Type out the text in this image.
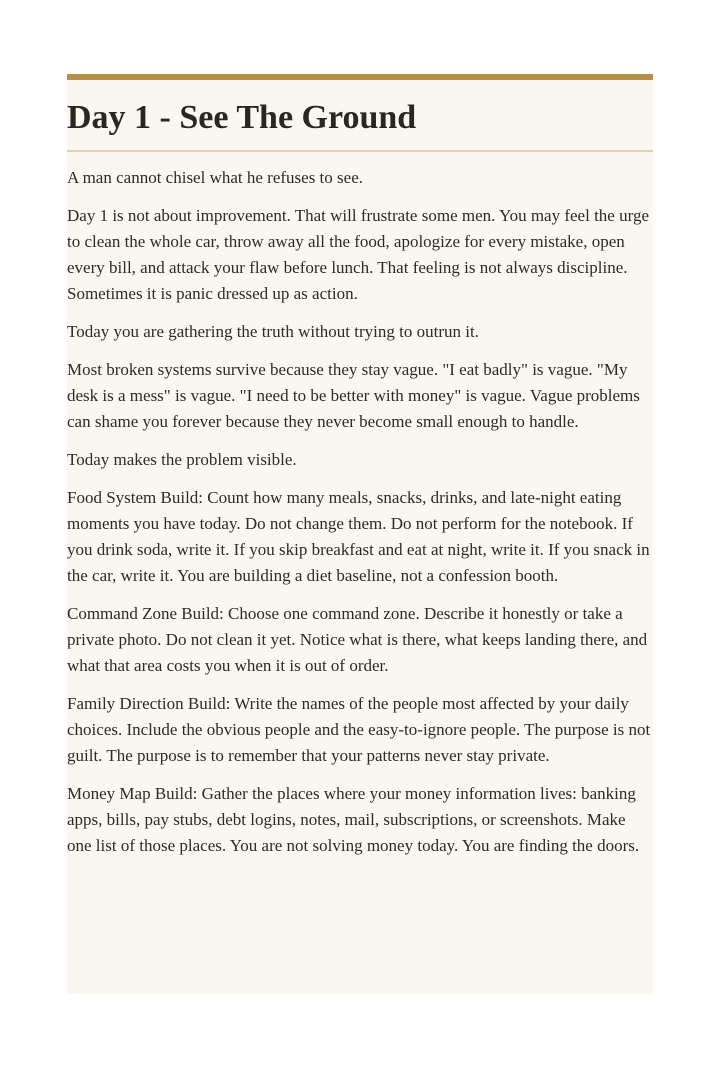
Day 1 - See The Ground

A man cannot chisel what he refuses to see.

Day 1 is not about improvement. That will frustrate some men. You may feel the urge to clean the whole car, throw away all the food, apologize for every mistake, open every bill, and attack your flaw before lunch. That feeling is not always discipline. Sometimes it is panic dressed up as action.

Today you are gathering the truth without trying to outrun it.

Most broken systems survive because they stay vague. "I eat badly" is vague. "My desk is a mess" is vague. "I need to be better with money" is vague. Vague problems can shame you forever because they never become small enough to handle.

Today makes the problem visible.

Food System Build: Count how many meals, snacks, drinks, and late-night eating moments you have today. Do not change them. Do not perform for the notebook. If you drink soda, write it. If you skip breakfast and eat at night, write it. If you snack in the car, write it. You are building a diet baseline, not a confession booth.

Command Zone Build: Choose one command zone. Describe it honestly or take a private photo. Do not clean it yet. Notice what is there, what keeps landing there, and what that area costs you when it is out of order.

Family Direction Build: Write the names of the people most affected by your daily choices. Include the obvious people and the easy-to-ignore people. The purpose is not guilt. The purpose is to remember that your patterns never stay private.

Money Map Build: Gather the places where your money information lives: banking apps, bills, pay stubs, debt logins, notes, mail, subscriptions, or screenshots. Make one list of those places. You are not solving money today. You are finding the doors.
